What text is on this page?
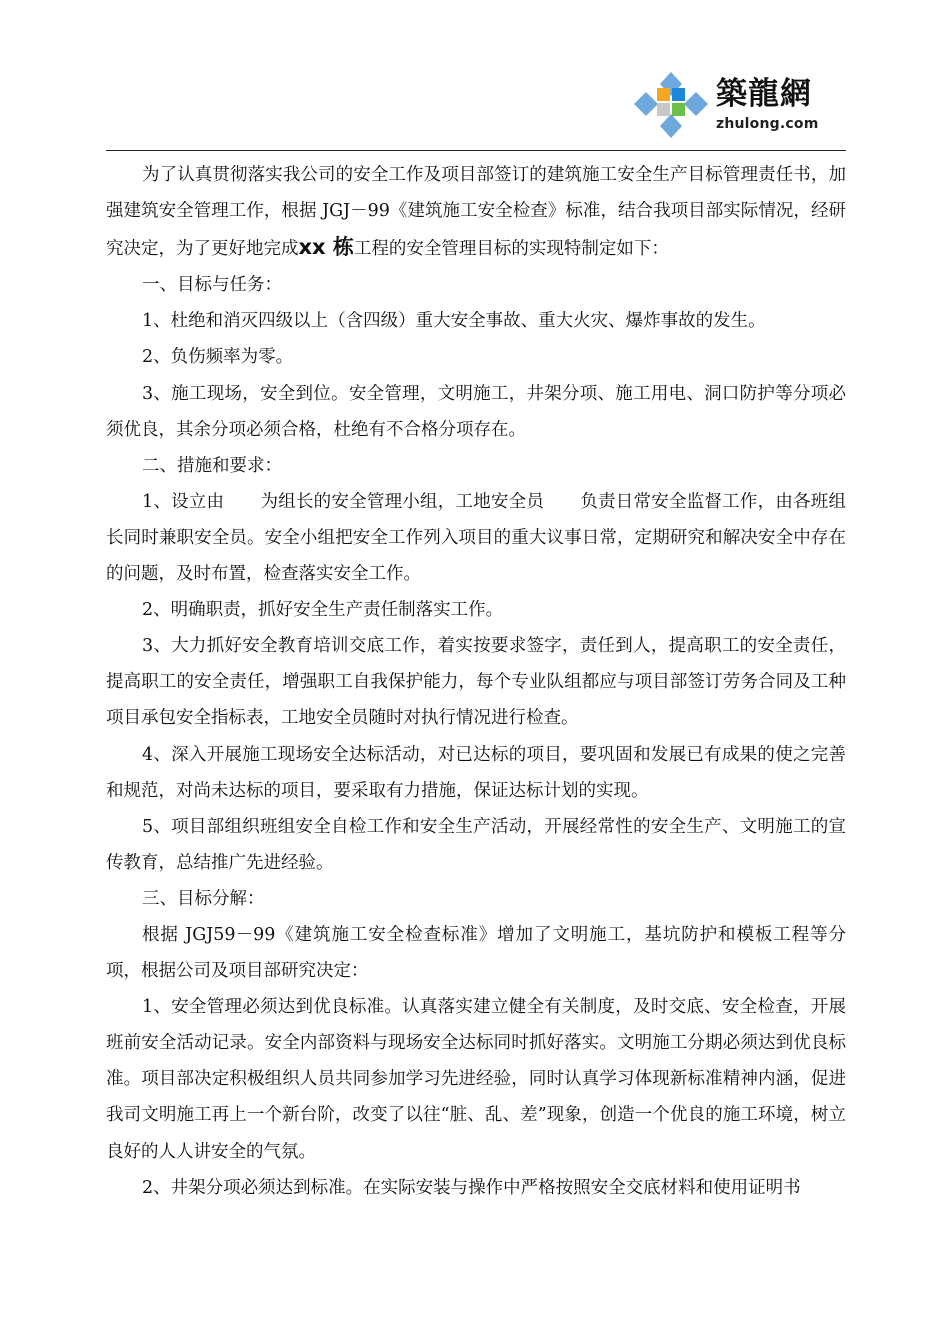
築龍網
zhulong.com

为了认真贯彻落实我公司的安全工作及项目部签订的建筑施工安全生产目标管理责任书，加强建筑安全管理工作，根据 JGJ－99《建筑施工安全检查》标准，结合我项目部实际情况，经研究决定，为了更好地完成xx 栋工程的安全管理目标的实现特制定如下：

一、目标与任务：

1、杜绝和消灭四级以上（含四级）重大安全事故、重大火灾、爆炸事故的发生。

2、负伤频率为零。

3、施工现场，安全到位。安全管理，文明施工，井架分项、施工用电、洞口防护等分项必须优良，其余分项必须合格，杜绝有不合格分项存在。

二、措施和要求：

1、设立由 为组长的安全管理小组，工地安全员 负责日常安全监督工作，由各班组长同时兼职安全员。安全小组把安全工作列入项目的重大议事日常，定期研究和解决安全中存在的问题，及时布置，检查落实安全工作。

2、明确职责，抓好安全生产责任制落实工作。

3、大力抓好安全教育培训交底工作，着实按要求签字，责任到人，提高职工的安全责任，提高职工的安全责任，增强职工自我保护能力，每个专业队组都应与项目部签订劳务合同及工种项目承包安全指标表，工地安全员随时对执行情况进行检查。

4、深入开展施工现场安全达标活动，对已达标的项目，要巩固和发展已有成果的使之完善和规范，对尚未达标的项目，要采取有力措施，保证达标计划的实现。

5、项目部组织班组安全自检工作和安全生产活动，开展经常性的安全生产、文明施工的宣传教育，总结推广先进经验。

三、目标分解：

根据 JGJ59－99《建筑施工安全检查标准》增加了文明施工，基坑防护和模板工程等分项，根据公司及项目部研究决定：

1、安全管理必须达到优良标准。认真落实建立健全有关制度，及时交底、安全检查，开展班前安全活动记录。安全内部资料与现场安全达标同时抓好落实。文明施工分期必须达到优良标准。项目部决定积极组织人员共同参加学习先进经验，同时认真学习体现新标准精神内涵，促进我司文明施工再上一个新台阶，改变了以往“脏、乱、差”现象，创造一个优良的施工环境，树立良好的人人讲安全的气氛。

2、井架分项必须达到标准。在实际安装与操作中严格按照安全交底材料和使用证明书
